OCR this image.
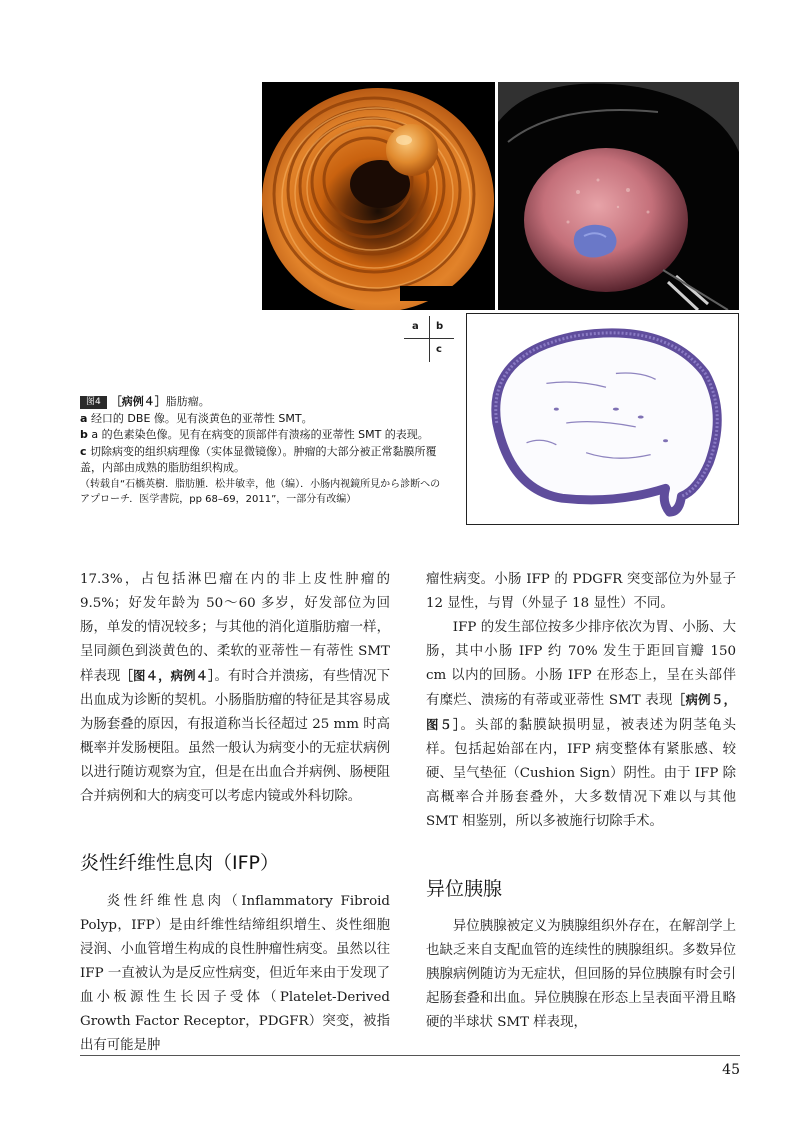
a b
c

图4 ［病例４］脂肪瘤。

a 经口的 DBE 像。见有淡黄色的亚蒂性 SMT。

b a 的色素染色像。见有在病变的顶部伴有溃疡的亚蒂性 SMT 的表现。

c 切除病变的组织病理像（实体显微镜像）。肿瘤的大部分被正常黏膜所覆盖，内部由成熟的脂肪组织构成。

（转载自“石橋英樹．脂肪腫．松井敏幸，他（编）．小肠内视鏡所見から診断へのアプローチ．医学書院，pp 68–69，2011”，一部分有改编）

17.3%，占包括淋巴瘤在内的非上皮性肿瘤的 9.5%；好发年龄为 50～60 多岁，好发部位为回肠，单发的情况较多；与其他的消化道脂肪瘤一样，呈同颜色到淡黄色的、柔软的亚蒂性－有蒂性 SMT 样表现［图４，病例４］。有时合并溃疡，有些情况下出血成为诊断的契机。小肠脂肪瘤的特征是其容易成为肠套叠的原因，有报道称当长径超过 25 mm 时高概率并发肠梗阻。虽然一般认为病变小的无症状病例以进行随访观察为宜，但是在出血合并病例、肠梗阻合并病例和大的病变可以考虑内镜或外科切除。

炎性纤维性息肉（IFP）

炎性纤维性息肉（Inflammatory Fibroid Polyp，IFP）是由纤维性结缔组织增生、炎性细胞浸润、小血管增生构成的良性肿瘤性病变。虽然以往 IFP 一直被认为是反应性病变，但近年来由于发现了血小板源性生长因子受体（Platelet-Derived Growth Factor Receptor，PDGFR）突变，被指出有可能是肿

瘤性病变。小肠 IFP 的 PDGFR 突变部位为外显子 12 显性，与胃（外显子 18 显性）不同。

IFP 的发生部位按多少排序依次为胃、小肠、大肠，其中小肠 IFP 约 70% 发生于距回盲瓣 150 cm 以内的回肠。小肠 IFP 在形态上，呈在头部伴有糜烂、溃疡的有蒂或亚蒂性 SMT 表现［病例５，图５］。头部的黏膜缺损明显，被表述为阴茎龟头样。包括起始部在内，IFP 病变整体有紧胀感、较硬、呈气垫征（Cushion Sign）阴性。由于 IFP 除高概率合并肠套叠外，大多数情况下难以与其他 SMT 相鉴别，所以多被施行切除手术。

异位胰腺

异位胰腺被定义为胰腺组织外存在，在解剖学上也缺乏来自支配血管的连续性的胰腺组织。多数异位胰腺病例随访为无症状，但回肠的异位胰腺有时会引起肠套叠和出血。异位胰腺在形态上呈表面平滑且略硬的半球状 SMT 样表现，

45
